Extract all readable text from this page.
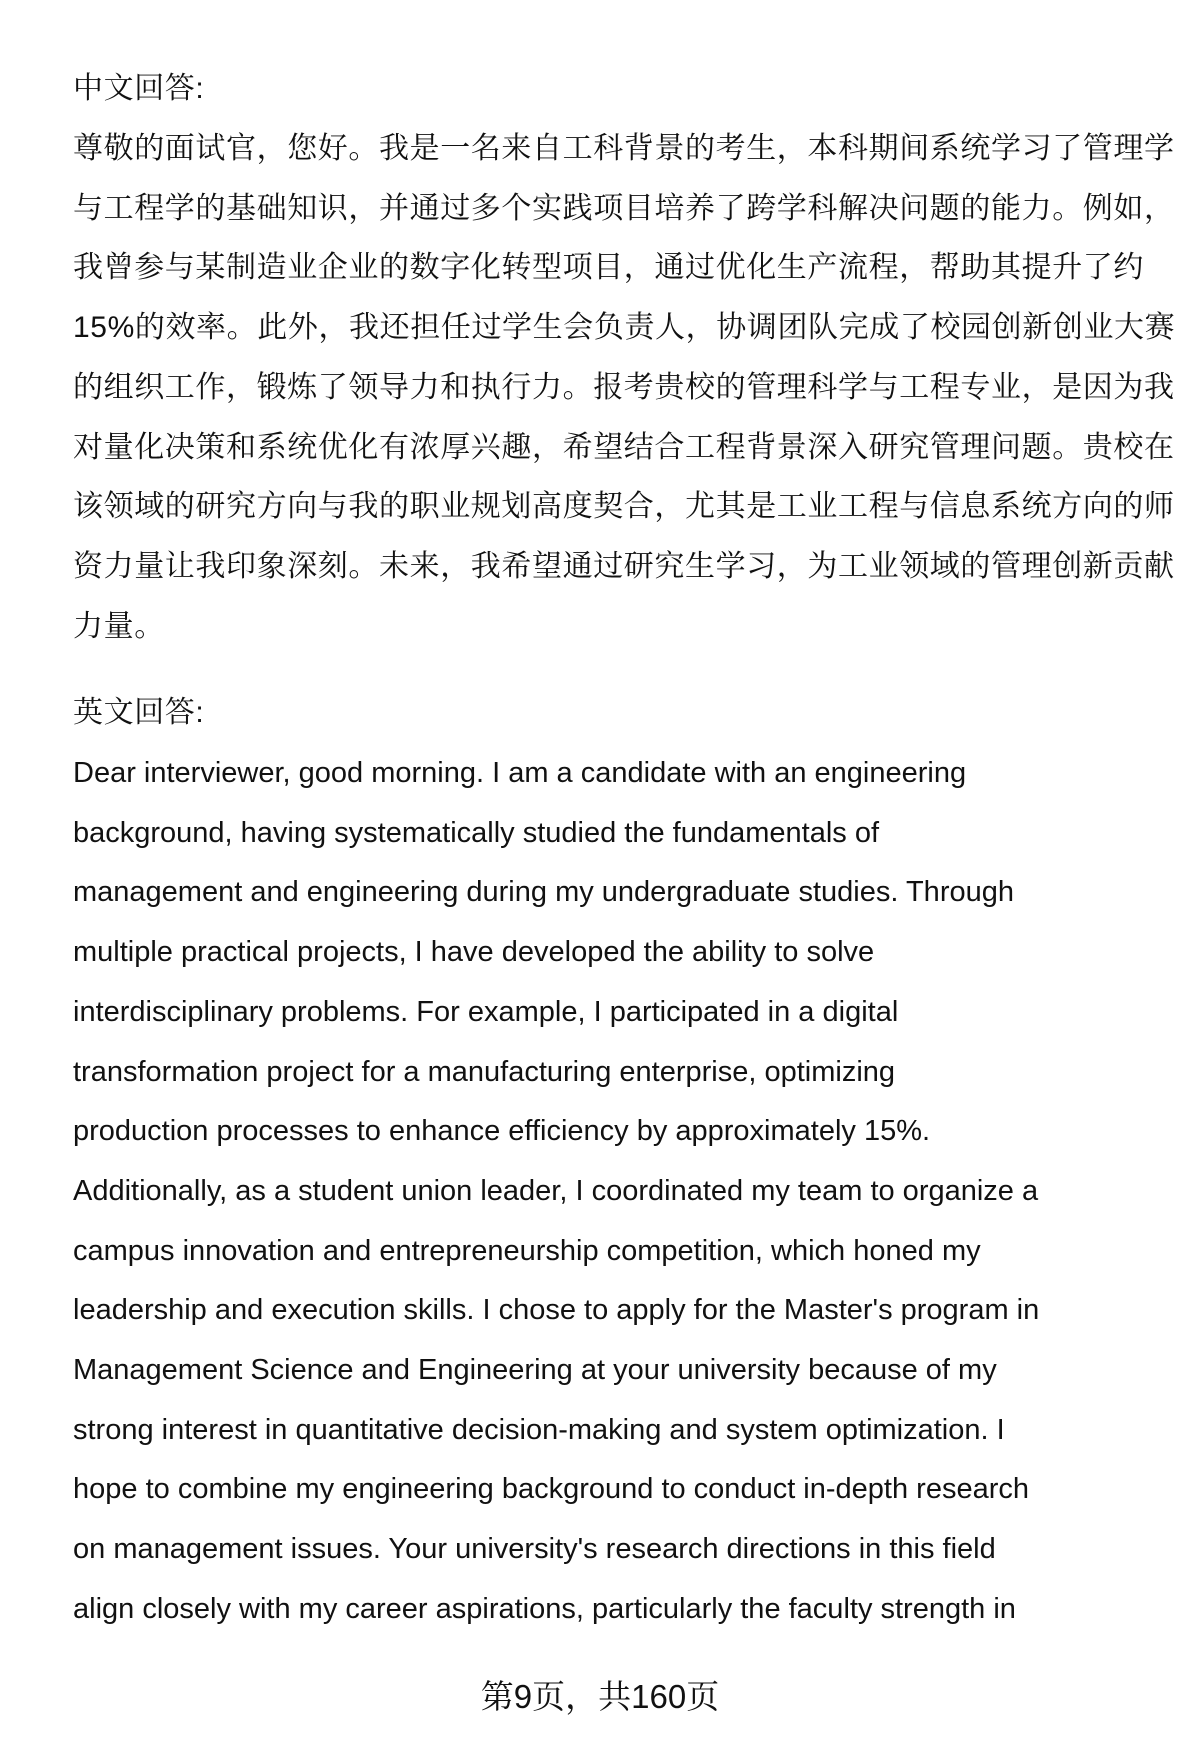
中文回答:
尊敬的面试官，您好。我是一名来自工科背景的考生，本科期间系统学习了管理学
与工程学的基础知识，并通过多个实践项目培养了跨学科解决问题的能力。例如，
我曾参与某制造业企业的数字化转型项目，通过优化生产流程，帮助其提升了约
15%的效率。此外，我还担任过学生会负责人，协调团队完成了校园创新创业大赛
的组织工作，锻炼了领导力和执行力。报考贵校的管理科学与工程专业，是因为我
对量化决策和系统优化有浓厚兴趣，希望结合工程背景深入研究管理问题。贵校在
该领域的研究方向与我的职业规划高度契合，尤其是工业工程与信息系统方向的师
资力量让我印象深刻。未来，我希望通过研究生学习，为工业领域的管理创新贡献
力量。
英文回答:
Dear interviewer, good morning. I am a candidate with an engineering
background, having systematically studied the fundamentals of
management and engineering during my undergraduate studies. Through
multiple practical projects, I have developed the ability to solve
interdisciplinary problems. For example, I participated in a digital
transformation project for a manufacturing enterprise, optimizing
production processes to enhance efficiency by approximately 15%.
Additionally, as a student union leader, I coordinated my team to organize a
campus innovation and entrepreneurship competition, which honed my
leadership and execution skills. I chose to apply for the Master's program in
Management Science and Engineering at your university because of my
strong interest in quantitative decision-making and system optimization. I
hope to combine my engineering background to conduct in-depth research
on management issues. Your university's research directions in this field
align closely with my career aspirations, particularly the faculty strength in
第9页，共160页
